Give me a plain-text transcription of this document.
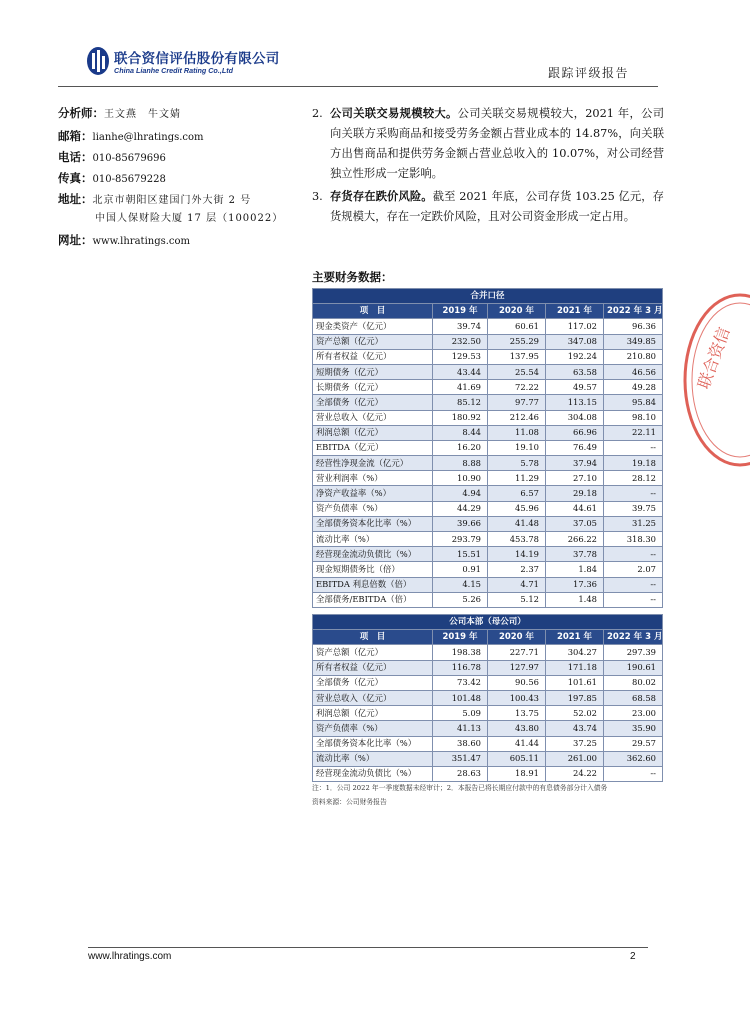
联合资信评估股份有限公司
China Lianhe Credit Rating Co.,Ltd	跟踪评级报告
分析师：王文燕　牛文婧
邮箱：lianhe@lhratings.com
电话：010-85679696
传真：010-85679228
地址：北京市朝阳区建国门外大街 2 号
中国人保财险大厦 17 层（100022）
网址：www.lhratings.com
2. 公司关联交易规模较大。公司关联交易规模较大，2021 年，公司向关联方采购商品和接受劳务金额占营业成本的 14.87%，向关联方出售商品和提供劳务金额占营业总收入的 10.07%，对公司经营独立性形成一定影响。
3. 存货存在跌价风险。截至 2021 年底，公司存货 103.25 亿元，存货规模大，存在一定跌价风险，且对公司资金形成一定占用。
主要财务数据：
合并口径				
项　目	2019 年	2020 年	2021 年	2022 年 3 月
现金类资产（亿元）	39.74	60.61	117.02	96.36
资产总额（亿元）	232.50	255.29	347.08	349.85
所有者权益（亿元）	129.53	137.95	192.24	210.80
短期债务（亿元）	43.44	25.54	63.58	46.56
长期债务（亿元）	41.69	72.22	49.57	49.28
全部债务（亿元）	85.12	97.77	113.15	95.84
营业总收入（亿元）	180.92	212.46	304.08	98.10
利润总额（亿元）	8.44	11.08	66.96	22.11
EBITDA（亿元）	16.20	19.10	76.49	--
经营性净现金流（亿元）	8.88	5.78	37.94	19.18
营业利润率（%）	10.90	11.29	27.10	28.12
净资产收益率（%）	4.94	6.57	29.18	--
资产负债率（%）	44.29	45.96	44.61	39.75
全部债务资本化比率（%）	39.66	41.48	37.05	31.25
流动比率（%）	293.79	453.78	266.22	318.30
经营现金流动负债比（%）	15.51	14.19	37.78	--
现金短期债务比（倍）	0.91	2.37	1.84	2.07
EBITDA 利息倍数（倍）	4.15	4.71	17.36	--
全部债务/EBITDA（倍）	5.26	5.12	1.48	--
公司本部（母公司）				
项　目	2019 年	2020 年	2021 年	2022 年 3 月
资产总额（亿元）	198.38	227.71	304.27	297.39
所有者权益（亿元）	116.78	127.97	171.18	190.61
全部债务（亿元）	73.42	90.56	101.61	80.02
营业总收入（亿元）	101.48	100.43	197.85	68.58
利润总额（亿元）	5.09	13.75	52.02	23.00
资产负债率（%）	41.13	43.80	43.74	35.90
全部债务资本化比率（%）	38.60	41.44	37.25	29.57
流动比率（%）	351.47	605.11	261.00	362.60
经营现金流动负债比（%）	28.63	18.91	24.22	--
注：1．公司 2022 年一季度数据未经审计；2．本报告已将长期应付款中的有息债务部分计入债务
资料来源：公司财务报告
联合资信
www.lhratings.com	2
